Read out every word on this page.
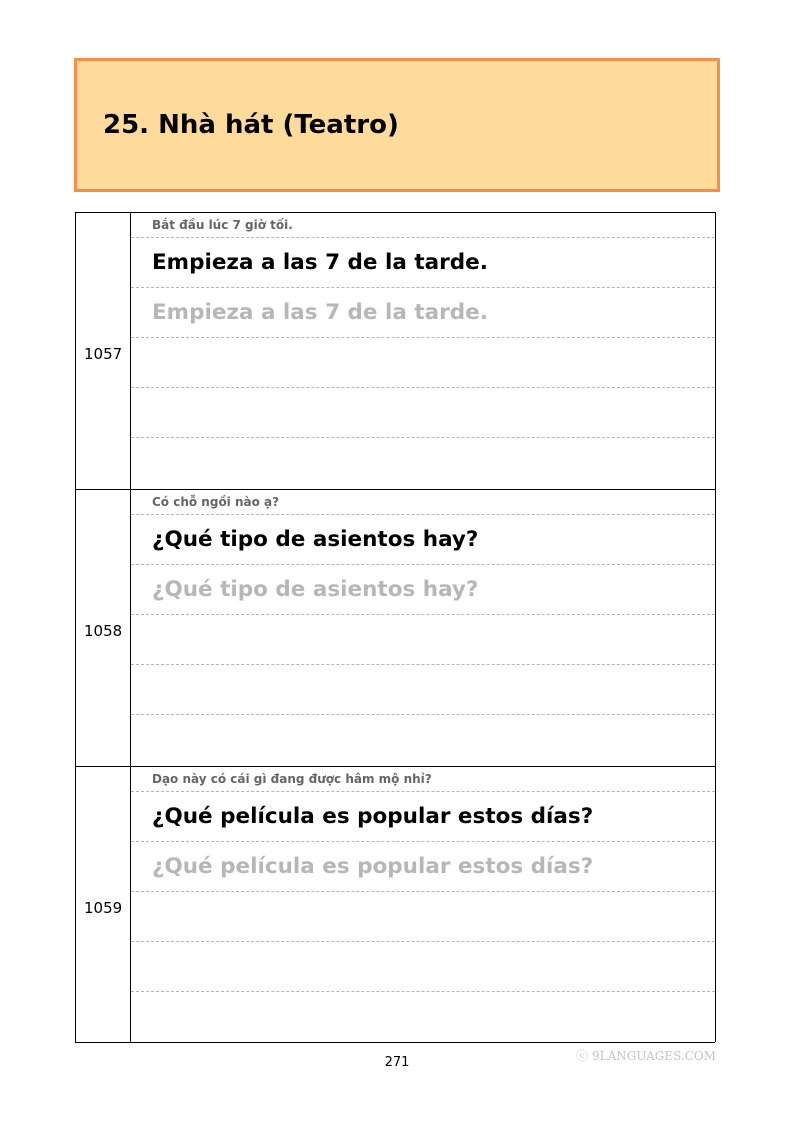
25. Nhà hát (Teatro)
1057
Bắt đầu lúc 7 giờ tối.
Empieza a las 7 de la tarde.
Empieza a las 7 de la tarde.
1058
Có chỗ ngồi nào ạ?
¿Qué tipo de asientos hay?
¿Qué tipo de asientos hay?
1059
Dạo này có cái gì đang được hâm mộ nhỉ?
¿Qué película es popular estos días?
¿Qué película es popular estos días?
271	ⓒ 9LANGUAGES.COM
